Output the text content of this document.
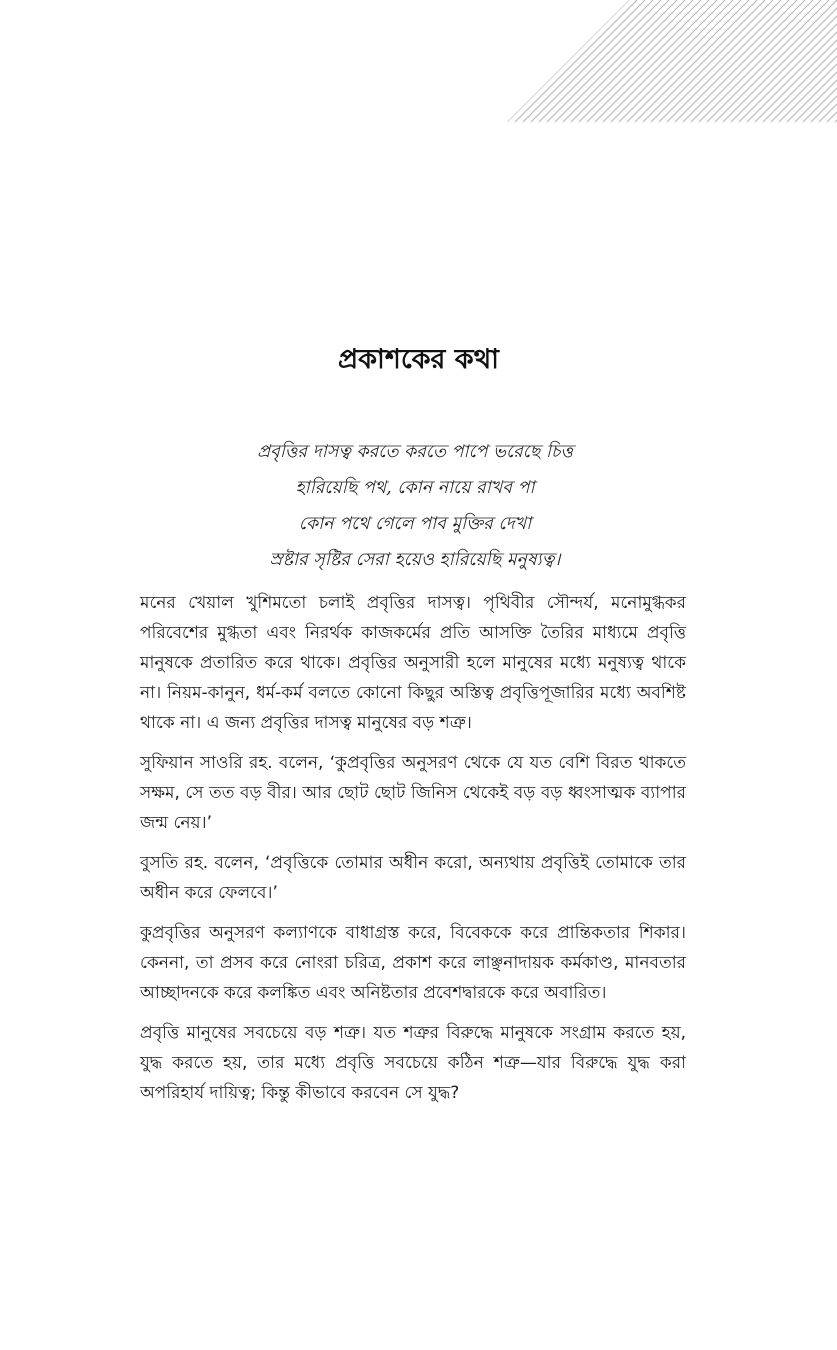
প্রকাশকের কথা
প্রবৃত্তির দাসত্ব করতে করতে পাপে ভরেছে চিত্ত
হারিয়েছি পথ, কোন নায়ে রাখব পা
কোন পথে গেলে পাব মুক্তির দেখা
স্রষ্টার সৃষ্টির সেরা হয়েও হারিয়েছি মনুষ্যত্ব।

মনের খেয়াল খুশিমতো চলাই প্রবৃত্তির দাসত্ব। পৃথিবীর সৌন্দর্য, মনোমুগ্ধকর পরিবেশের মুগ্ধতা এবং নিরর্থক কাজকর্মের প্রতি আসক্তি তৈরির মাধ্যমে প্রবৃত্তি মানুষকে প্রতারিত করে থাকে। প্রবৃত্তির অনুসারী হলে মানুষের মধ্যে মনুষ্যত্ব থাকে না। নিয়ম-কানুন, ধর্ম-কর্ম বলতে কোনো কিছুর অস্তিত্ব প্রবৃত্তিপূজারির মধ্যে অবশিষ্ট থাকে না। এ জন্য প্রবৃত্তির দাসত্ব মানুষের বড় শত্রু।

সুফিয়ান সাওরি রহ. বলেন, ‘কুপ্রবৃত্তির অনুসরণ থেকে যে যত বেশি বিরত থাকতে সক্ষম, সে তত বড় বীর। আর ছোট ছোট জিনিস থেকেই বড় বড় ধ্বংসাত্মক ব্যাপার জন্ম নেয়।’

বুসতি রহ. বলেন, ‘প্রবৃত্তিকে তোমার অধীন করো, অন্যথায় প্রবৃত্তিই তোমাকে তার অধীন করে ফেলবে।’

কুপ্রবৃত্তির অনুসরণ কল্যাণকে বাধাগ্রস্ত করে, বিবেককে করে প্রান্তিকতার শিকার। কেননা, তা প্রসব করে নোংরা চরিত্র, প্রকাশ করে লাঞ্ছনাদায়ক কর্মকাণ্ড, মানবতার আচ্ছাদনকে করে কলঙ্কিত এবং অনিষ্টতার প্রবেশদ্বারকে করে অবারিত।

প্রবৃত্তি মানুষের সবচেয়ে বড় শত্রু। যত শত্রুর বিরুদ্ধে মানুষকে সংগ্রাম করতে হয়, যুদ্ধ করতে হয়, তার মধ্যে প্রবৃত্তি সবচেয়ে কঠিন শত্রু—যার বিরুদ্ধে যুদ্ধ করা অপরিহার্য দায়িত্ব; কিন্তু কীভাবে করবেন সে যুদ্ধ?
